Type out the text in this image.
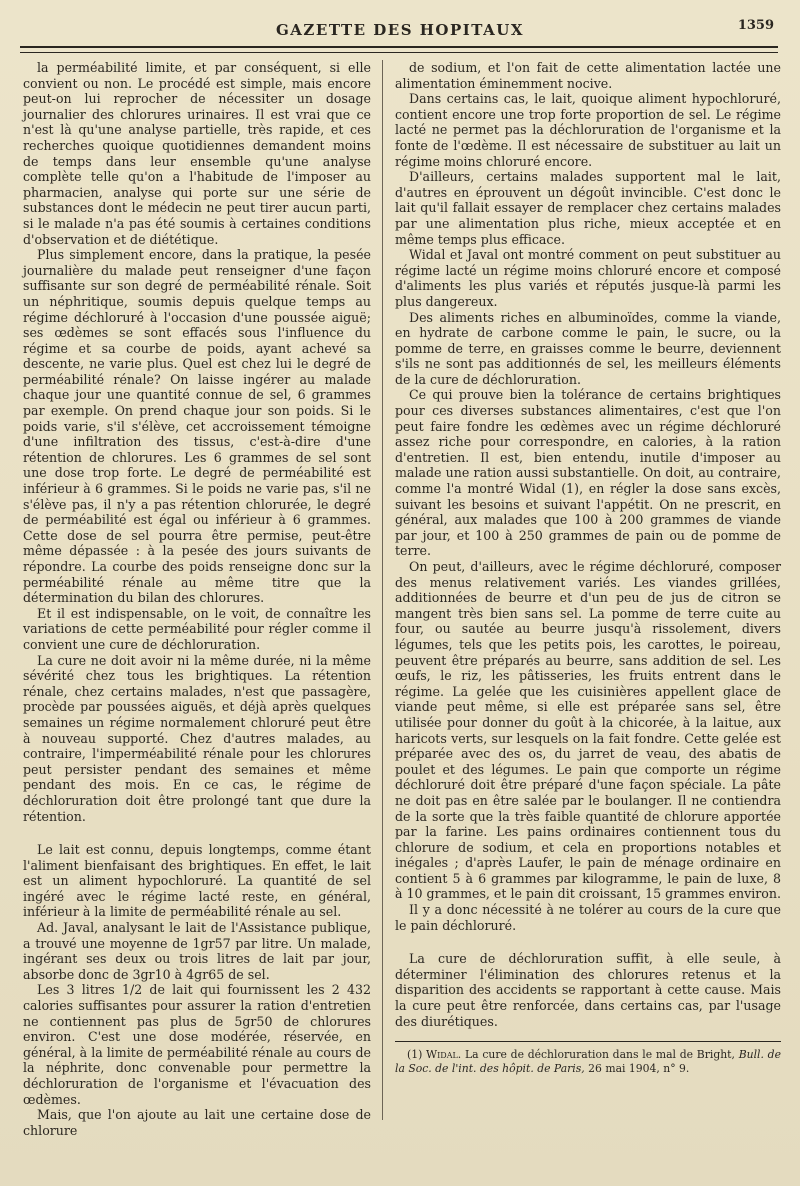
GAZETTE DES HOPITAUX	1359

la perméabilité limite, et par conséquent, si elle convient ou non. Le procédé est simple, mais encore peut-on lui reprocher de nécessiter un dosage journalier des chlorures urinaires. Il est vrai que ce n'est là qu'une analyse partielle, très rapide, et ces recherches quoique quotidiennes demandent moins de temps dans leur ensemble qu'une analyse complète telle qu'on a l'habitude de l'imposer au pharmacien, analyse qui porte sur une série de substances dont le médecin ne peut tirer aucun parti, si le malade n'a pas été soumis à certaines conditions d'observation et de diététique.

Plus simplement encore, dans la pratique, la pesée journalière du malade peut renseigner d'une façon suffisante sur son degré de perméabilité rénale. Soit un néphritique, soumis depuis quelque temps au régime déchloruré à l'occasion d'une poussée aiguë; ses œdèmes se sont effacés sous l'influence du régime et sa courbe de poids, ayant achevé sa descente, ne varie plus. Quel est chez lui le degré de perméabilité rénale? On laisse ingérer au malade chaque jour une quantité connue de sel, 6 grammes par exemple. On prend chaque jour son poids. Si le poids varie, s'il s'élève, cet accroissement témoigne d'une infiltration des tissus, c'est-à-dire d'une rétention de chlorures. Les 6 grammes de sel sont une dose trop forte. Le degré de perméabilité est inférieur à 6 grammes. Si le poids ne varie pas, s'il ne s'élève pas, il n'y a pas rétention chlorurée, le degré de perméabilité est égal ou inférieur à 6 grammes. Cette dose de sel pourra être permise, peut-être même dépassée : à la pesée des jours suivants de répondre. La courbe des poids renseigne donc sur la perméabilité rénale au même titre que la détermination du bilan des chlorures.

Et il est indispensable, on le voit, de connaître les variations de cette perméabilité pour régler comme il convient une cure de déchloruration.

La cure ne doit avoir ni la même durée, ni la même sévérité chez tous les brightiques. La rétention rénale, chez certains malades, n'est que passagère, procède par poussées aiguës, et déjà après quelques semaines un régime normalement chloruré peut être à nouveau supporté. Chez d'autres malades, au contraire, l'imperméabilité rénale pour les chlorures peut persister pendant des semaines et même pendant des mois. En ce cas, le régime de déchloruration doit être prolongé tant que dure la rétention.

Le lait est connu, depuis longtemps, comme étant l'aliment bienfaisant des brightiques. En effet, le lait est un aliment hypochloruré. La quantité de sel ingéré avec le régime lacté reste, en général, inférieur à la limite de perméabilité rénale au sel.

Ad. Javal, analysant le lait de l'Assistance publique, a trouvé une moyenne de 1gr57 par litre. Un malade, ingérant ses deux ou trois litres de lait par jour, absorbe donc de 3gr10 à 4gr65 de sel.

Les 3 litres 1/2 de lait qui fournissent les 2 432 calories suffisantes pour assurer la ration d'entretien ne contiennent pas plus de 5gr50 de chlorures environ. C'est une dose modérée, réservée, en général, à la limite de perméabilité rénale au cours de la néphrite, donc convenable pour permettre la déchloruration de l'organisme et l'évacuation des œdèmes.

Mais, que l'on ajoute au lait une certaine dose de chlorure

de sodium, et l'on fait de cette alimentation lactée une alimentation éminemment nocive.

Dans certains cas, le lait, quoique aliment hypochloruré, contient encore une trop forte proportion de sel. Le régime lacté ne permet pas la déchloruration de l'organisme et la fonte de l'œdème. Il est nécessaire de substituer au lait un régime moins chloruré encore.

D'ailleurs, certains malades supportent mal le lait, d'autres en éprouvent un dégoût invincible. C'est donc le lait qu'il fallait essayer de remplacer chez certains malades par une alimentation plus riche, mieux acceptée et en même temps plus efficace.

Widal et Javal ont montré comment on peut substituer au régime lacté un régime moins chloruré encore et composé d'aliments les plus variés et réputés jusque-là parmi les plus dangereux.

Des aliments riches en albuminoïdes, comme la viande, en hydrate de carbone comme le pain, le sucre, ou la pomme de terre, en graisses comme le beurre, deviennent s'ils ne sont pas additionnés de sel, les meilleurs éléments de la cure de déchloruration.

Ce qui prouve bien la tolérance de certains brightiques pour ces diverses substances alimentaires, c'est que l'on peut faire fondre les œdèmes avec un régime déchloruré assez riche pour correspondre, en calories, à la ration d'entretien. Il est, bien entendu, inutile d'imposer au malade une ration aussi substantielle. On doit, au contraire, comme l'a montré Widal (1), en régler la dose sans excès, suivant les besoins et suivant l'appétit. On ne prescrit, en général, aux malades que 100 à 200 grammes de viande par jour, et 100 à 250 grammes de pain ou de pomme de terre.

On peut, d'ailleurs, avec le régime déchloruré, composer des menus relativement variés. Les viandes grillées, additionnées de beurre et d'un peu de jus de citron se mangent très bien sans sel. La pomme de terre cuite au four, ou sautée au beurre jusqu'à rissolement, divers légumes, tels que les petits pois, les carottes, le poireau, peuvent être préparés au beurre, sans addition de sel. Les œufs, le riz, les pâtisseries, les fruits entrent dans le régime. La gelée que les cuisinières appellent glace de viande peut même, si elle est préparée sans sel, être utilisée pour donner du goût à la chicorée, à la laitue, aux haricots verts, sur lesquels on la fait fondre. Cette gelée est préparée avec des os, du jarret de veau, des abatis de poulet et des légumes. Le pain que comporte un régime déchloruré doit être préparé d'une façon spéciale. La pâte ne doit pas en être salée par le boulanger. Il ne contiendra de la sorte que la très faible quantité de chlorure apportée par la farine. Les pains ordinaires contiennent tous du chlorure de sodium, et cela en proportions notables et inégales ; d'après Laufer, le pain de ménage ordinaire en contient 5 à 6 grammes par kilogramme, le pain de luxe, 8 à 10 grammes, et le pain dit croissant, 15 grammes environ.

Il y a donc nécessité à ne tolérer au cours de la cure que le pain déchloruré.

La cure de déchloruration suffit, à elle seule, à déterminer l'élimination des chlorures retenus et la disparition des accidents se rapportant à cette cause. Mais la cure peut être renforcée, dans certains cas, par l'usage des diurétiques.

(1) Widal. La cure de déchloruration dans le mal de Bright, Bull. de la Soc. de l'int. des hôpit. de Paris, 26 mai 1904, n° 9.
